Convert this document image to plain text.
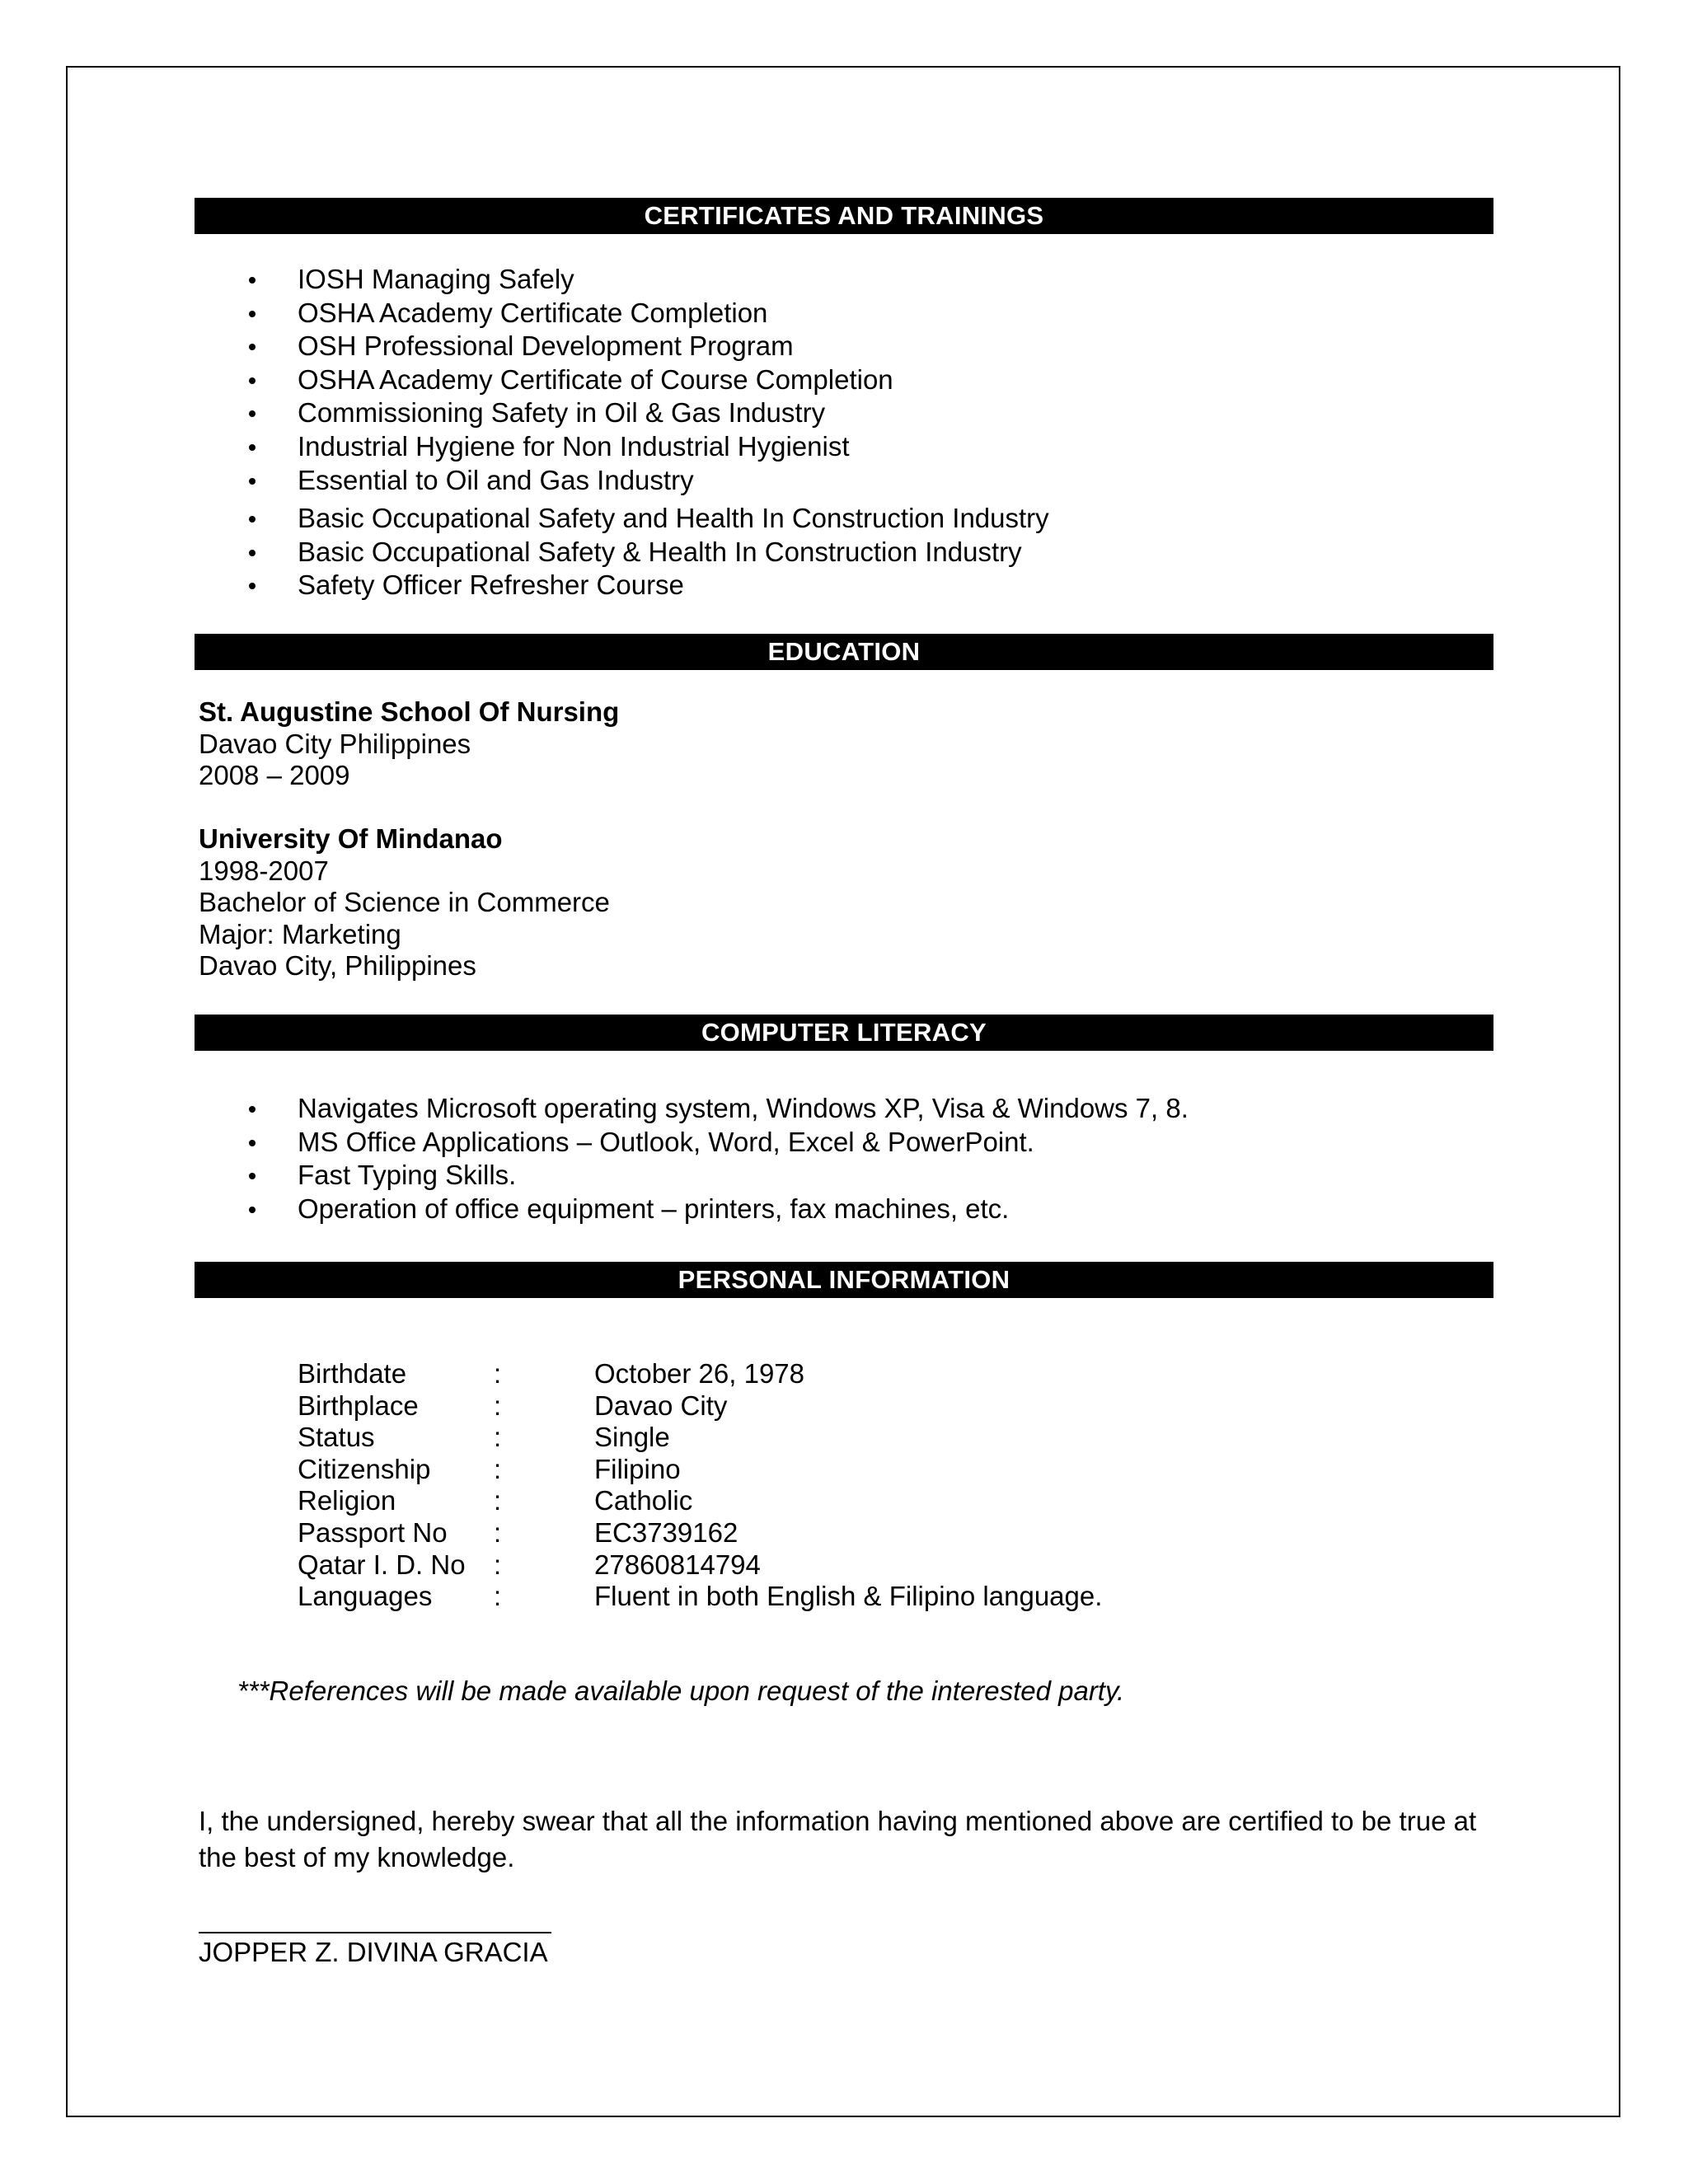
CERTIFICATES AND TRAININGS
IOSH Managing Safely
OSHA Academy Certificate Completion
OSH Professional Development Program
OSHA Academy Certificate of Course Completion
Commissioning Safety in Oil & Gas Industry
Industrial Hygiene for Non Industrial Hygienist
Essential to Oil and Gas Industry
Basic Occupational Safety and Health In Construction Industry
Basic Occupational Safety & Health In Construction Industry
Safety Officer Refresher Course
EDUCATION
St. Augustine School Of Nursing
Davao City Philippines
2008 – 2009
University Of Mindanao
1998-2007
Bachelor of Science in Commerce
Major: Marketing
Davao City, Philippines
COMPUTER LITERACY
Navigates Microsoft operating system, Windows XP, Visa & Windows 7, 8.
MS Office Applications – Outlook, Word, Excel & PowerPoint.
Fast Typing Skills.
Operation of office equipment – printers, fax machines, etc.
PERSONAL INFORMATION
Birthdate	:	October 26, 1978
Birthplace	:	Davao City
Status	:	Single
Citizenship :	Filipino
Religion	:	Catholic
Passport No :	EC3739162
Qatar I. D. No :	27860814794
Languages :	Fluent in both English & Filipino language.
***References will be made available upon request of the interested party.
I, the undersigned, hereby swear that all the information having mentioned above are certified to be true at the best of my knowledge.
JOPPER Z. DIVINA GRACIA
